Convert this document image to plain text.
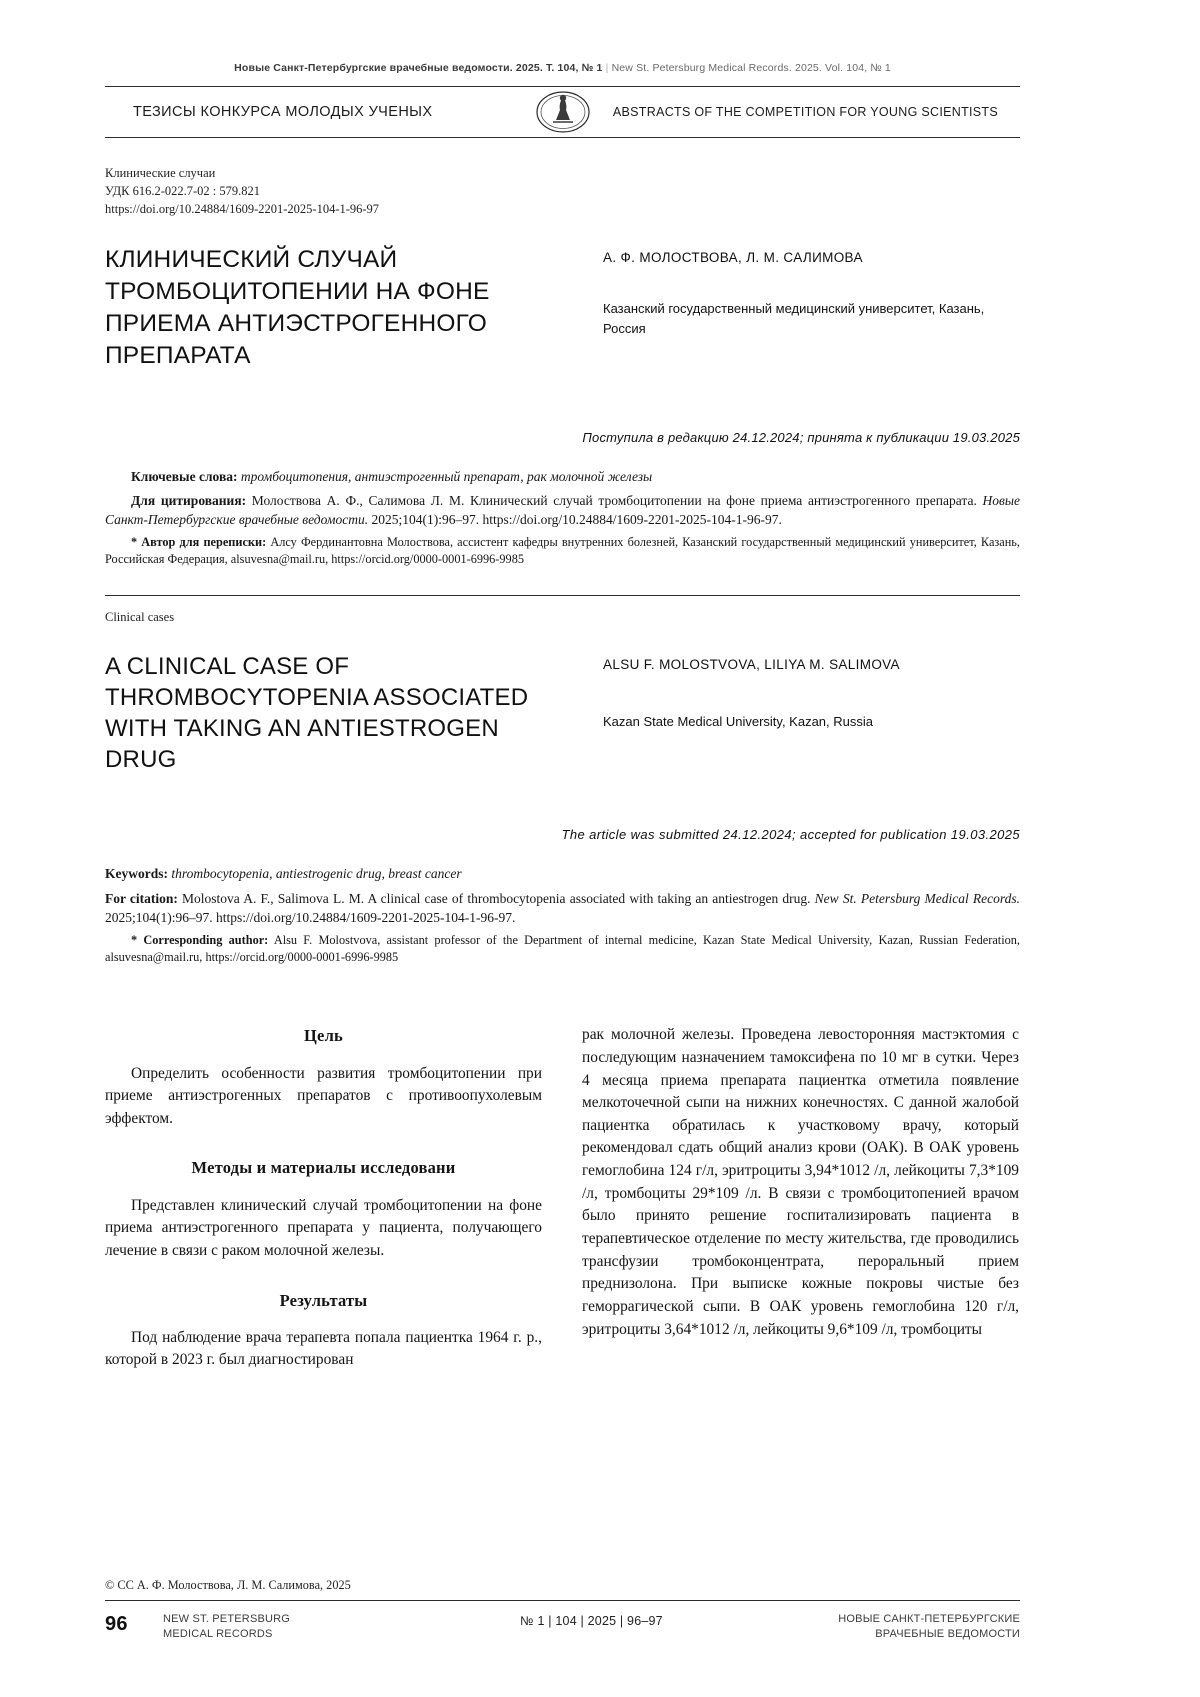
Новые Санкт-Петербургские врачебные ведомости. 2025. Т. 104, № 1 | New St. Petersburg Medical Records. 2025. Vol. 104, № 1
ТЕЗИСЫ КОНКУРСА МОЛОДЫХ УЧЕНЫХ	ABSTRACTS OF THE COMPETITION FOR YOUNG SCIENTISTS
Клинические случаи
УДК 616.2-022.7-02 : 579.821
https://doi.org/10.24884/1609-2201-2025-104-1-96-97
КЛИНИЧЕСКИЙ СЛУЧАЙ ТРОМБОЦИТОПЕНИИ НА ФОНЕ ПРИЕМА АНТИЭСТРОГЕННОГО ПРЕПАРАТА
А. Ф. МОЛОСТВОВА, Л. М. САЛИМОВА
Казанский государственный медицинский университет, Казань, Россия
Поступила в редакцию 24.12.2024; принята к публикации 19.03.2025

Ключевые слова: тромбоцитопения, антиэстрогенный препарат, рак молочной железы

Для цитирования: Молоствова А. Ф., Салимова Л. М. Клинический случай тромбоцитопении на фоне приема антиэстрогенного препарата. Новые Санкт-Петербургские врачебные ведомости. 2025;104(1):96–97. https://doi.org/10.24884/1609-2201-2025-104-1-96-97.

* Автор для переписки: Алсу Фердинантовна Молоствова, ассистент кафедры внутренних болезней, Казанский государственный медицинский университет, Казань, Российская Федерация, alsuvesna@mail.ru, https://orcid.org/0000-0001-6996-9985

Clinical cases
A CLINICAL CASE OF THROMBOCYTOPENIA ASSOCIATED WITH TAKING AN ANTIESTROGEN DRUG
ALSU F. MOLOSTVOVA, LILIYA M. SALIMOVA
Kazan State Medical University, Kazan, Russia
The article was submitted 24.12.2024; accepted for publication 19.03.2025

Keywords: thrombocytopenia, antiestrogenic drug, breast cancer

For citation: Molostova A. F., Salimova L. M. A clinical case of thrombocytopenia associated with taking an antiestrogen drug. New St. Petersburg Medical Records. 2025;104(1):96–97. https://doi.org/10.24884/1609-2201-2025-104-1-96-97.

* Corresponding author: Alsu F. Molostvova, assistant professor of the Department of internal medicine, Kazan State Medical University, Kazan, Russian Federation, alsuvesna@mail.ru, https://orcid.org/0000-0001-6996-9985

Цель

Определить особенности развития тромбоцитопении при приеме антиэстрогенных препаратов с противоопухолевым эффектом.

Методы и материалы исследовани

Представлен клинический случай тромбоцитопении на фоне приема антиэстрогенного препарата у пациента, получающего лечение в связи с раком молочной железы.

Результаты

Под наблюдение врача терапевта попала пациентка 1964 г. р., которой в 2023 г. был диагностирован

рак молочной железы. Проведена левосторонняя мастэктомия с последующим назначением тамоксифена по 10 мг в сутки. Через 4 месяца приема препарата пациентка отметила появление мелкоточечной сыпи на нижних конечностях. С данной жалобой пациентка обратилась к участковому врачу, который рекомендовал сдать общий анализ крови (ОАК). В ОАК уровень гемоглобина 124 г/л, эритроциты 3,94*1012 /л, лейкоциты 7,3*109 /л, тромбоциты 29*109 /л. В связи с тромбоцитопенией врачом было принято решение госпитализировать пациента в терапевтическое отделение по месту жительства, где проводились трансфузии тромбоконцентрата, пероральный прием преднизолона. При выписке кожные покровы чистые без геморрагической сыпи. В ОАК уровень гемоглобина 120 г/л, эритроциты 3,64*1012 /л, лейкоциты 9,6*109 /л, тромбоциты

© СС А. Ф. Молоствова, Л. М. Салимова, 2025
96	NEW ST. PETERSBURG
MEDICAL RECORDS
№ 1 | 104 | 2025 | 96–97	НОВЫЕ САНКТ-ПЕТЕРБУРГСКИЕ
ВРАЧЕБНЫЕ ВЕДОМОСТИ
